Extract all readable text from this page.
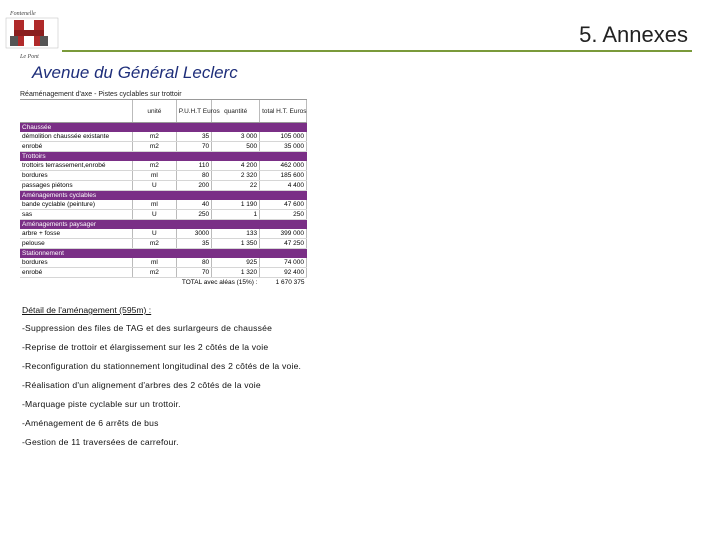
Fontenelle
Le Pont
5. Annexes
Avenue du Général Leclerc
Réaménagement d'axe - Pistes cyclables sur trottoir
	unité	P.U.H.T Euros	quantité	total H.T. Euros
Chaussée				
démolition chaussée existante	m2	35	3 000	105 000
enrobé	m2	70	500	35 000
Trottoirs				
trottoirs terrassement,enrobé	m2	110	4 200	462 000
bordures	ml	80	2 320	185 600
passages piétons	U	200	22	4 400
Aménagements cyclables				
bande cyclable (peinture)	ml	40	1 190	47 600
sas	U	250	1	250
Aménagements paysager				
arbre + fosse	U	3000	133	399 000
pelouse	m2	35	1 350	47 250
Stationnement				
bordures	ml	80	925	74 000
enrobé	m2	70	1 320	92 400
TOTAL avec aléas (15%) :				1 670 375
Détail de l'aménagement (595m) :
-Suppression des files de TAG et des surlargeurs de chaussée
-Reprise de trottoir et élargissement sur les 2 côtés de la voie
-Reconfiguration du stationnement longitudinal des 2 côtés de la voie.
-Réalisation d'un alignement d'arbres des 2 côtés de la voie
-Marquage piste cyclable sur un trottoir.
-Aménagement de 6 arrêts de bus
-Gestion de 11 traversées de carrefour.
